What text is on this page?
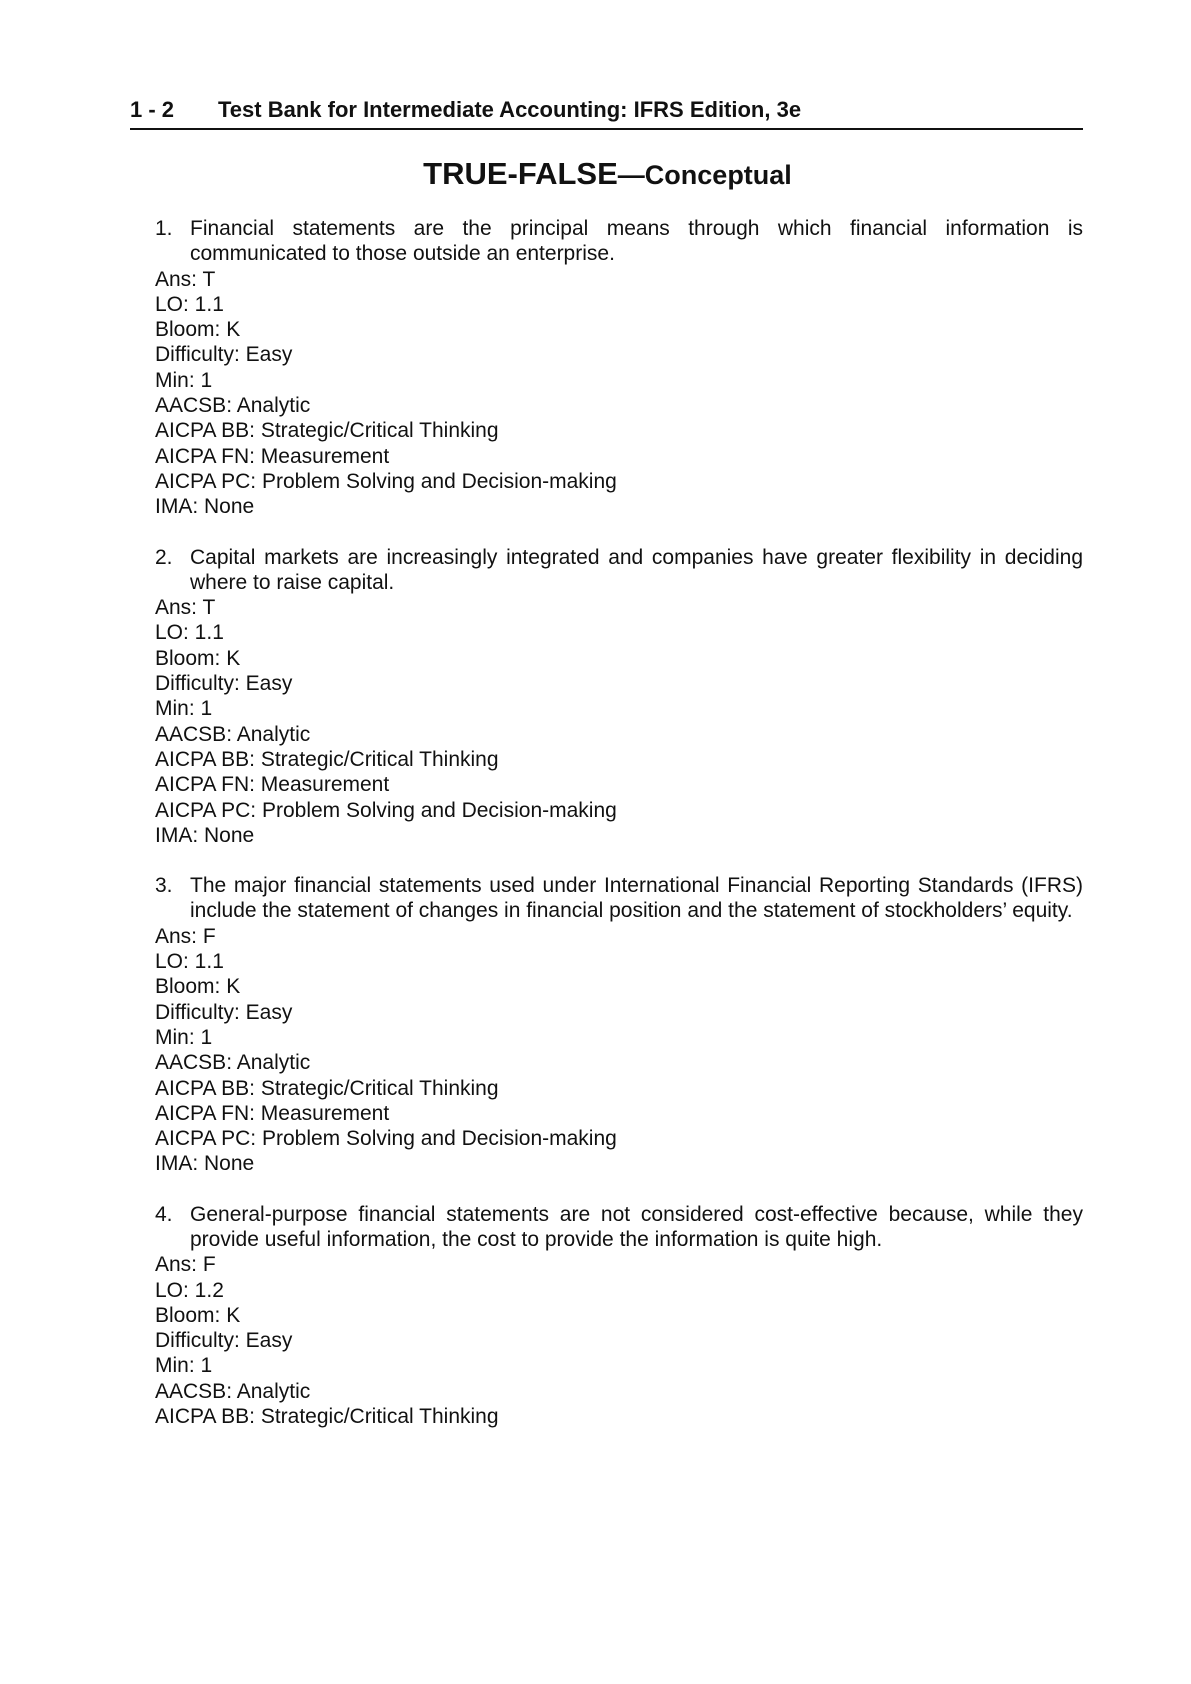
1 - 2 Test Bank for Intermediate Accounting: IFRS Edition, 3e
TRUE-FALSE—Conceptual
1. Financial statements are the principal means through which financial information is communicated to those outside an enterprise.
Ans: T
LO: 1.1
Bloom: K
Difficulty: Easy
Min: 1
AACSB: Analytic
AICPA BB: Strategic/Critical Thinking
AICPA FN: Measurement
AICPA PC: Problem Solving and Decision-making
IMA: None
2. Capital markets are increasingly integrated and companies have greater flexibility in deciding where to raise capital.
Ans: T
LO: 1.1
Bloom: K
Difficulty: Easy
Min: 1
AACSB: Analytic
AICPA BB: Strategic/Critical Thinking
AICPA FN: Measurement
AICPA PC: Problem Solving and Decision-making
IMA: None
3. The major financial statements used under International Financial Reporting Standards (IFRS) include the statement of changes in financial position and the statement of stockholders’ equity.
Ans: F
LO: 1.1
Bloom: K
Difficulty: Easy
Min: 1
AACSB: Analytic
AICPA BB: Strategic/Critical Thinking
AICPA FN: Measurement
AICPA PC: Problem Solving and Decision-making
IMA: None
4. General-purpose financial statements are not considered cost-effective because, while they provide useful information, the cost to provide the information is quite high.
Ans: F
LO: 1.2
Bloom: K
Difficulty: Easy
Min: 1
AACSB: Analytic
AICPA BB: Strategic/Critical Thinking
